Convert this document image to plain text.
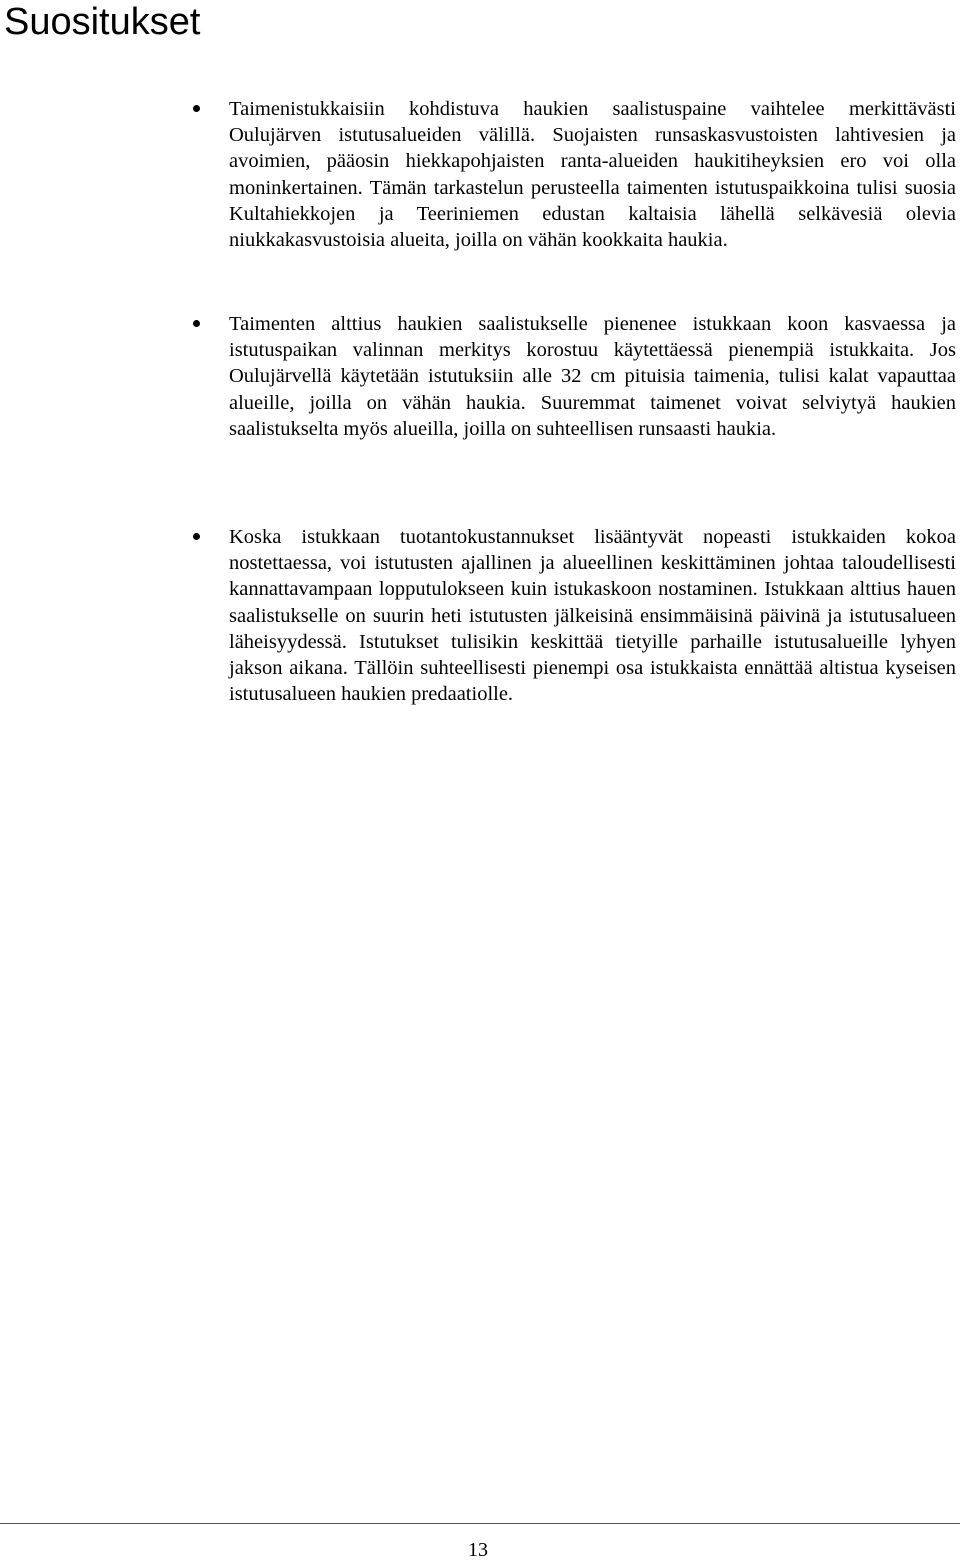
Suositukset
Taimenistukkaisiin kohdistuva haukien saalistuspaine vaihtelee merkittävästi Oulujärven istutusalueiden välillä. Suojaisten runsaskasvustoisten lahtivesien ja avoimien, pääosin hiekkapohjaisten ranta-alueiden haukitiheyksien ero voi olla moninkertainen. Tämän tarkastelun perusteella taimenten istutuspaikkoina tulisi suosia Kultahiekkojen ja Teeriniemen edustan kaltaisia lähellä selkävesiä olevia niukkakasvustoisia alueita, joilla on vähän kookkaita haukia.
Taimenten alttius haukien saalistukselle pienenee istukkaan koon kasvaessa ja istutuspaikan valinnan merkitys korostuu käytettäessä pienempiä istukkaita. Jos Oulujärvellä käytetään istutuksiin alle 32 cm pituisia taimenia, tulisi kalat vapauttaa alueille, joilla on vähän haukia. Suuremmat taimenet voivat selviytyä haukien saalistukselta myös alueilla, joilla on suhteellisen runsaasti haukia.
Koska istukkaan tuotantokustannukset lisääntyvät nopeasti istukkaiden kokoa nostettaessa, voi istutusten ajallinen ja alueellinen keskittäminen johtaa taloudellisesti kannattavampaan lopputulokseen kuin istukaskoon nostaminen. Istukkaan alttius hauen saalistukselle on suurin heti istutusten jälkeisinä ensimmäisinä päivinä ja istutusalueen läheisyydessä. Istutukset tulisikin keskittää tietyille parhaille istutusalueille lyhyen jakson aikana. Tällöin suhteellisesti pienempi osa istukkaista ennättää altistua kyseisen istutusalueen haukien predaatiolle.
13
